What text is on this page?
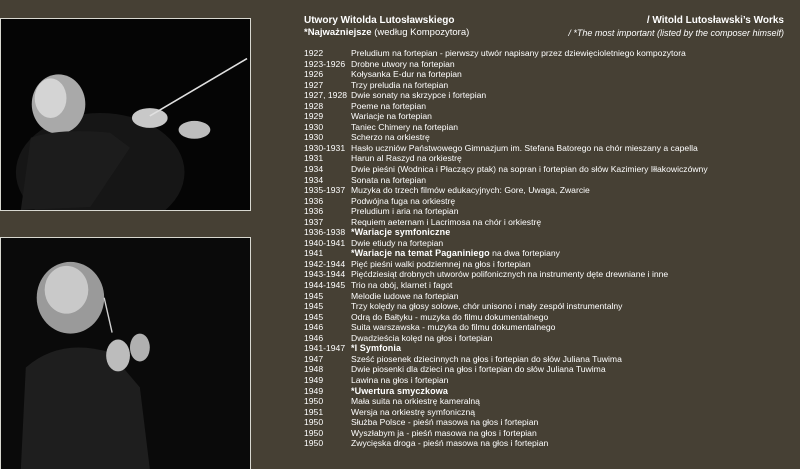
Utwory Witolda Lutosławskiego
*Najważniejsze (według Kompozytora)
/ Witold Lutosławski’s Works
/ *The most important (listed by the composer himself)
1922	Preludium na fortepian - pierwszy utwór napisany przez dziewięcioletniego kompozytora
1923-1926 Drobne utwory na fortepian
1926	Kołysanka E-dur na fortepian
1927	Trzy preludia na fortepian
1927, 1928 Dwie sonaty na skrzypce i fortepian
1928	Poeme na fortepian
1929	Wariacje na fortepian
1930	Taniec Chimery na fortepian
1930	Scherzo na orkiestrę
1930-1931 Hasło uczniów Państwowego Gimnazjum im. Stefana Batorego na chór mieszany a capella
1931	Harun al Raszyd na orkiestrę
1934	Dwie pieśni (Wodnica i Płaczący ptak) na sopran i fortepian do słów Kazimiery Iłłakowiczówny
1934	Sonata na fortepian
1935-1937 Muzyka do trzech filmów edukacyjnych: Gore, Uwaga, Zwarcie
1936	Podwójna fuga na orkiestrę
1936	Preludium i aria na fortepian
1937	Requiem aeternam i Lacrimosa na chór i orkiestrę
1936-1938 *Wariacje symfoniczne
1940-1941 Dwie etiudy na fortepian
1941	*Wariacje na temat Paganiniego na dwa fortepiany
1942-1944 Pięć pieśni walki podziemnej na głos i fortepian
1943-1944 Pięćdziesiąt drobnych utworów polifonicznych na instrumenty dęte drewniane i inne
1944-1945 Trio na obój, klarnet i fagot
1945	Melodie ludowe na fortepian
1945	Trzy kolędy na głosy solowe, chór unisono i mały zespół instrumentalny
1945	Odrą do Bałtyku - muzyka do filmu dokumentalnego
1946	Suita warszawska - muzyka do filmu dokumentalnego
1946	Dwadzieścia kolęd na głos i fortepian
1941-1947 *I Symfonia
1947	Sześć piosenek dziecinnych na głos i fortepian do słów Juliana Tuwima
1948	Dwie piosenki dla dzieci na głos i fortepian do słów Juliana Tuwima
1949	Lawina na głos i fortepian
1949	*Uwertura smyczkowa
1950	Mała suita na orkiestrę kameralną
1951	Wersja na orkiestrę symfoniczną
1950	Służba Polsce - pieśń masowa na głos i fortepian
1950	Wyszłabym ja - pieśń masowa na głos i fortepian
1950	Zwycięska droga - pieśń masowa na głos i fortepian
